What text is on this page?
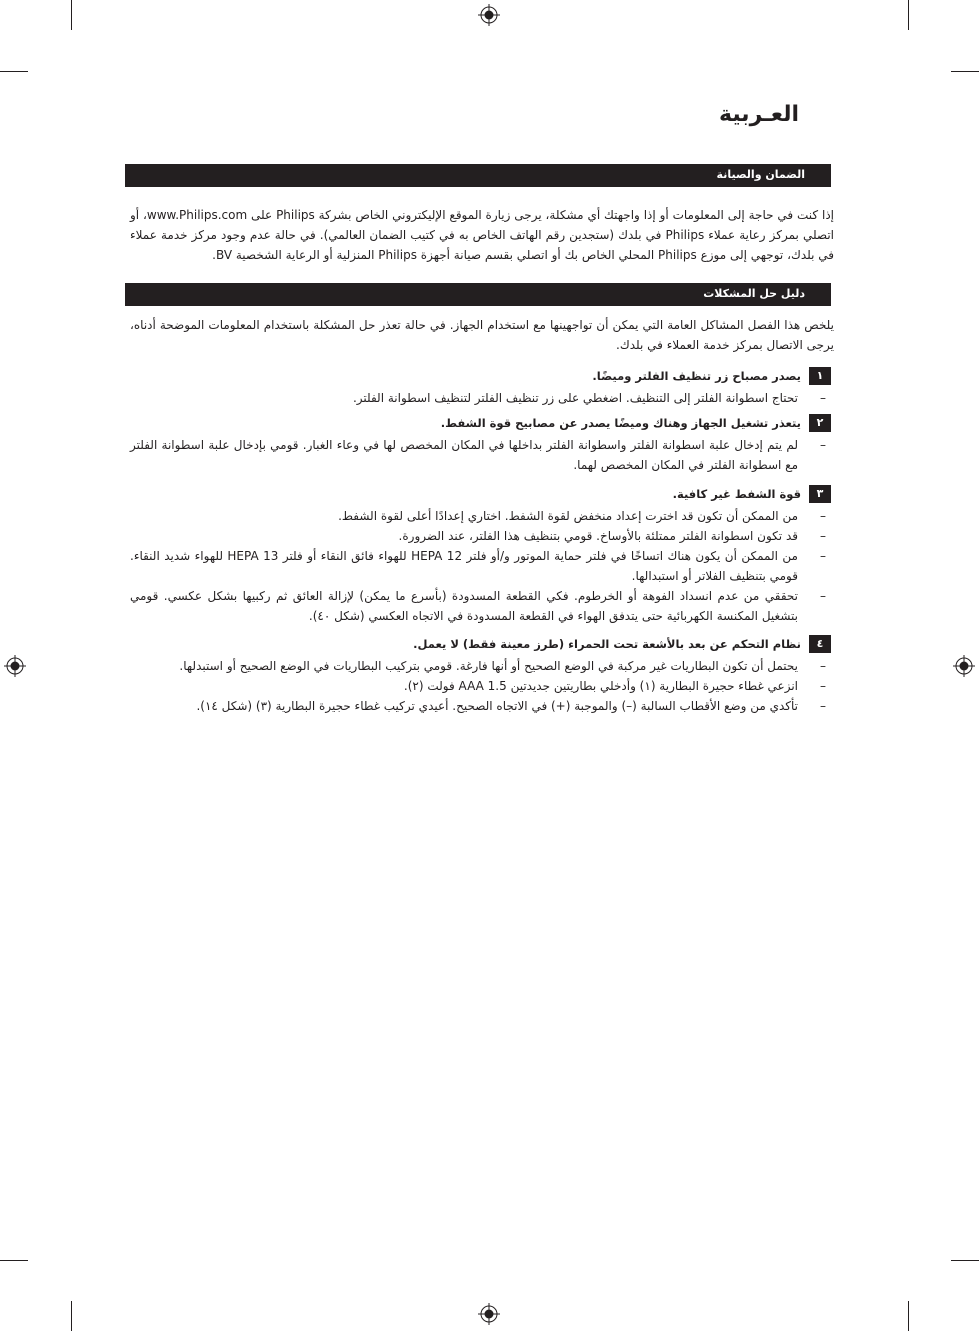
العـربية
الضمان والصيانة

إذا كنت في حاجة إلى المعلومات أو إذا واجهتك أي مشكلة، يرجى زيارة الموقع الإليكتروني الخاص بشركة Philips على www.Philips.com، أو اتصلي بمركز رعاية عملاء Philips في بلدك (ستجدين رقم الهاتف الخاص به في كتيب الضمان العالمي). في حالة عدم وجود مركز خدمة عملاء في بلدك، توجهي إلى موزع Philips المحلي الخاص بك أو اتصلي بقسم صيانة أجهزة Philips المنزلية أو الرعاية الشخصية BV.

دليل حل المشكلات

يلخص هذا الفصل المشاكل العامة التي يمكن أن تواجهينها مع استخدام الجهاز. في حالة تعذر حل المشكلة باستخدام المعلومات الموضحة أدناه، يرجى الاتصال بمركز خدمة العملاء في بلدك.

١
يصدر مصباح زر تنظيف الفلتر وميضًا.
–
تحتاج اسطوانة الفلتر إلى التنظيف. اضغطي على زر تنظيف الفلتر لتنظيف اسطوانة الفلتر.
٢
يتعذر تشغيل الجهاز وهناك وميضًا يصدر عن مصابيح قوة الشفط.
–
لم يتم إدخال علبة اسطوانة الفلتر واسطوانة الفلتر بداخلها في المكان المخصص لها في وعاء الغبار. قومي بإدخال علبة اسطوانة الفلتر مع اسطوانة الفلتر في المكان المخصص لهما.
٣
قوة الشفط غير كافية.
–
من الممكن أن تكون قد اخترت إعداد منخفض لقوة الشفط. اختاري إعدادًا أعلى لقوة الشفط.
–
قد تكون اسطوانة الفلتر ممتلئة بالأوساخ. قومي بتنظيف هذا الفلتر، عند الضرورة.
–
من الممكن أن يكون هناك اتساخًا في فلتر حماية الموتور و/أو فلتر HEPA 12 للهواء فائق النقاء أو فلتر HEPA 13 للهواء شديد النقاء. قومي بتنظيف الفلاتر أو استبدالها.
–
تحققي من عدم انسداد الفوهة أو الخرطوم. فكي القطعة المسدودة (بأسرع ما يمكن) لإزالة العائق ثم ركبيها بشكل عكسي. قومي بتشغيل المكنسة الكهربائية حتى يتدفق الهواء في القطعة المسدودة في الاتجاه العكسي (شكل ٤٠).
٤
نظام التحكم عن بعد بالأشعة تحت الحمراء (طرز معينة فقط) لا يعمل.
–
يحتمل أن تكون البطاريات غير مركبة في الوضع الصحيح أو أنها فارغة. قومي بتركيب البطاريات في الوضع الصحيح أو استبدلها.
–
انزعي غطاء حجيرة البطارية (١) وأدخلي بطاريتين جديدتين AAA 1.5 فولت (٢).
–
تأكدي من وضع الأقطاب السالبة (–) والموجبة (+) في الاتجاه الصحيح. أعيدي تركيب غطاء حجيرة البطارية (٣) (شكل ١٤).
